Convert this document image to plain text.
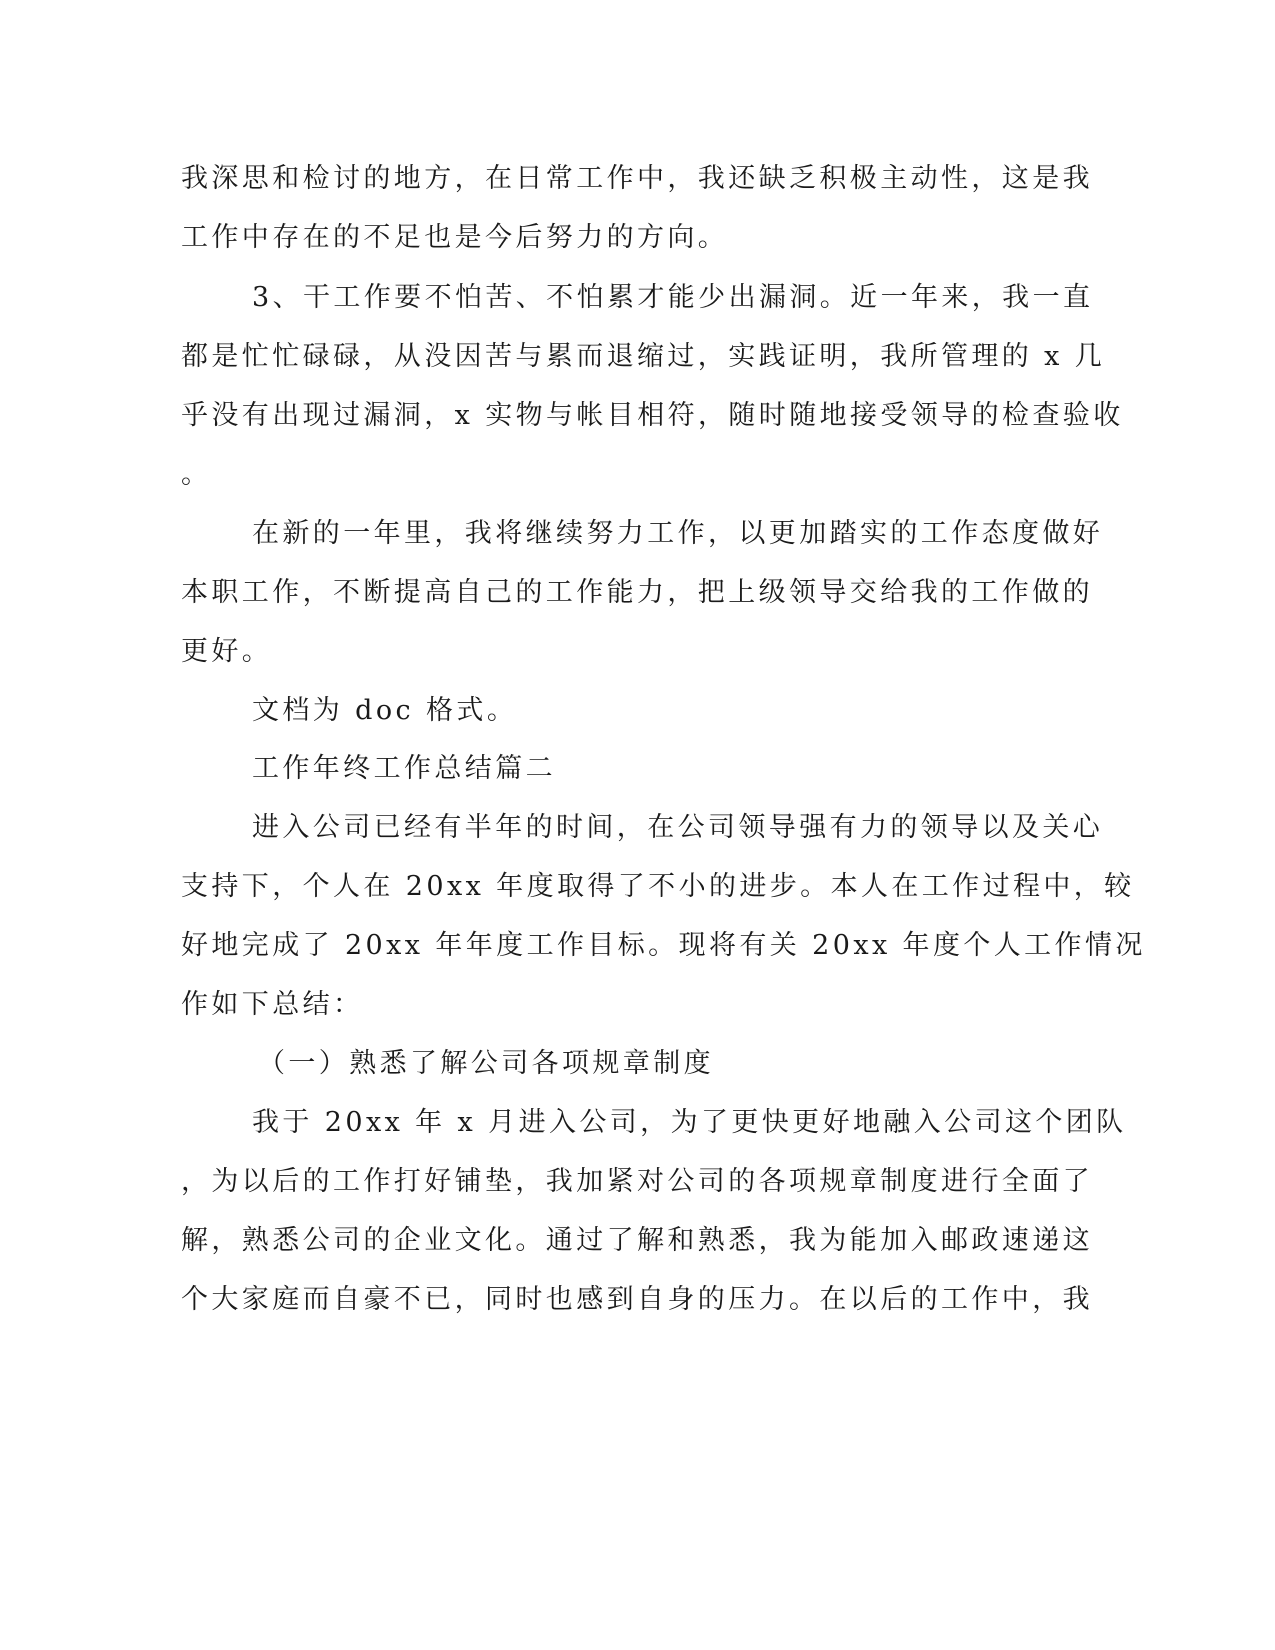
我深思和检讨的地方，在日常工作中，我还缺乏积极主动性，这是我
工作中存在的不足也是今后努力的方向。
3、干工作要不怕苦、不怕累才能少出漏洞。近一年来，我一直
都是忙忙碌碌，从没因苦与累而退缩过，实践证明，我所管理的 x 几
乎没有出现过漏洞，x 实物与帐目相符，随时随地接受领导的检查验收
。
在新的一年里，我将继续努力工作，以更加踏实的工作态度做好
本职工作，不断提高自己的工作能力，把上级领导交给我的工作做的
更好。
文档为 doc 格式。
工作年终工作总结篇二
进入公司已经有半年的时间，在公司领导强有力的领导以及关心
支持下，个人在 20xx 年度取得了不小的进步。本人在工作过程中，较
好地完成了 20xx 年年度工作目标。现将有关 20xx 年度个人工作情况
作如下总结：
（一）熟悉了解公司各项规章制度
我于 20xx 年 x 月进入公司，为了更快更好地融入公司这个团队
，为以后的工作打好铺垫，我加紧对公司的各项规章制度进行全面了
解，熟悉公司的企业文化。通过了解和熟悉，我为能加入邮政速递这
个大家庭而自豪不已，同时也感到自身的压力。在以后的工作中，我
